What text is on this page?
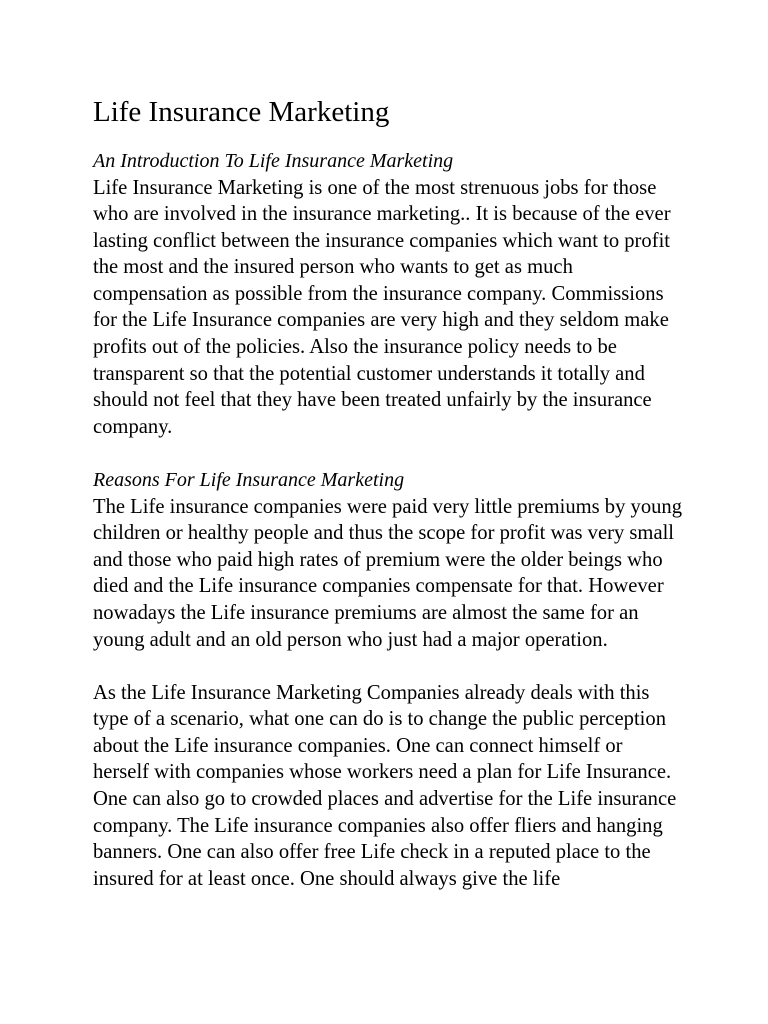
Life Insurance Marketing
An Introduction To Life Insurance Marketing

Life Insurance Marketing is one of the most strenuous jobs for those who are involved in the insurance marketing.. It is because of the ever lasting conflict between the insurance companies which want to profit the most and the insured person who wants to get as much compensation as possible from the insurance company. Commissions for the Life Insurance companies are very high and they seldom make profits out of the policies. Also the insurance policy needs to be transparent so that the potential customer understands it totally and should not feel that they have been treated unfairly by the insurance company.

Reasons For Life Insurance Marketing

The Life insurance companies were paid very little premiums by young children or healthy people and thus the scope for profit was very small and those who paid high rates of premium were the older beings who died and the Life insurance companies compensate for that. However nowadays the Life insurance premiums are almost the same for an young adult and an old person who just had a major operation.

As the Life Insurance Marketing Companies already deals with this type of a scenario, what one can do is to change the public perception about the Life insurance companies. One can connect himself or herself with companies whose workers need a plan for Life Insurance. One can also go to crowded places and advertise for the Life insurance company. The Life insurance companies also offer fliers and hanging banners. One can also offer free Life check in a reputed place to the insured for at least once. One should always give the life
